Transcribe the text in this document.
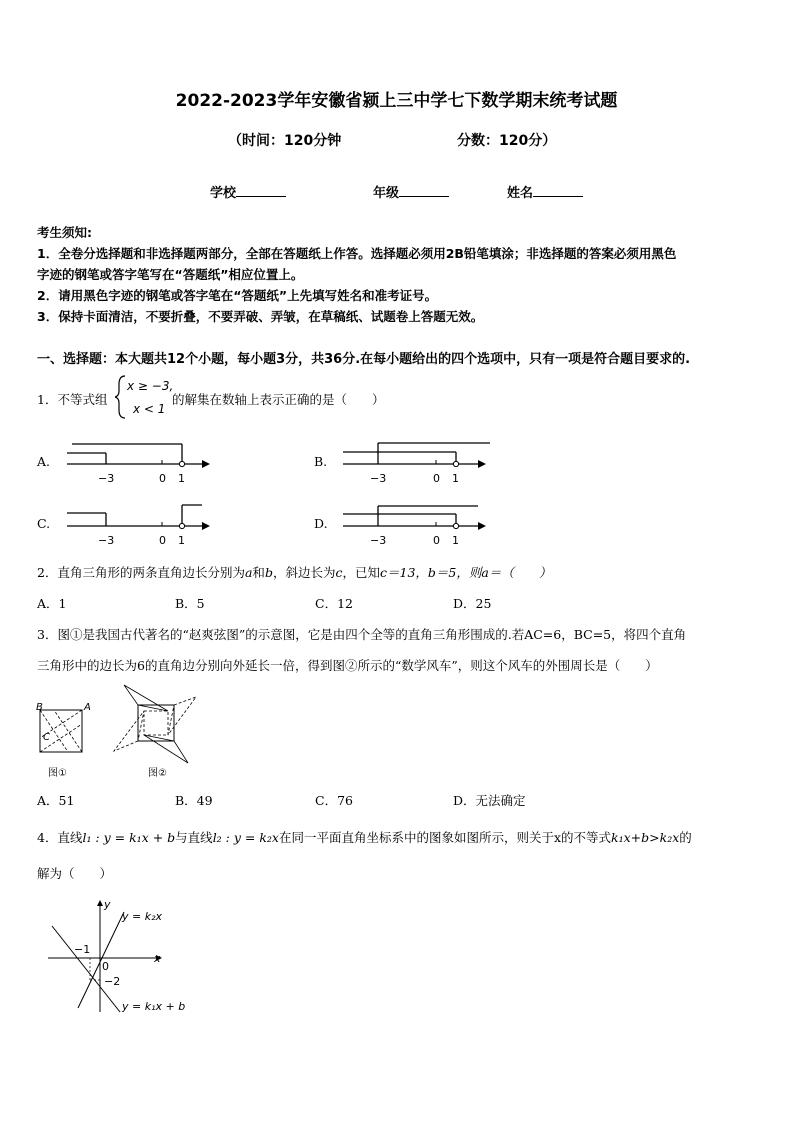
2022-2023学年安徽省颍上三中学七下数学期末统考试题
（时间：120分钟	分数：120分）
学校	年级	姓名
考生须知:
1．全卷分选择题和非选择题两部分，全部在答题纸上作答。选择题必须用2B铅笔填涂；非选择题的答案必须用黑色
字迹的钢笔或答字笔写在“答题纸”相应位置上。
2．请用黑色字迹的钢笔或答字笔在“答题纸”上先填写姓名和准考证号。
3．保持卡面清洁，不要折叠，不要弄破、弄皱，在草稿纸、试题卷上答题无效。
一、选择题：本大题共12个小题，每小题3分，共36分.在每小题给出的四个选项中，只有一项是符合题目要求的.
1．不等式组
x ≥ −3,
x < 1
的解集在数轴上表示正确的是（　　）
A.
−3	0 1
B.
−3	0 1
C.
−3	0 1
D.
−3	0 1
2．直角三角形的两条直角边长分别为a和b，斜边长为c，已知c＝13，b＝5，则a＝（　　）
A．1	B．5	C．12	D．25
3．图①是我国古代著名的“赵爽弦图”的示意图，它是由四个全等的直角三角形围成的.若AC=6，BC=5，将四个直角
三角形中的边长为6的直角边分别向外延长一倍，得到图②所示的“数学风车”，则这个风车的外围周长是（　　）
B	A
C
图①	图②
A．51	B．49	C．76	D．无法确定
4．直线l₁ : y = k₁x + b与直线l₂ : y = k₂x在同一平面直角坐标系中的图象如图所示，则关于x的不等式k₁x+b>k₂x的
解为（　　）
y
x
0
−1
−2
y = k₂x
y = k₁x + b
